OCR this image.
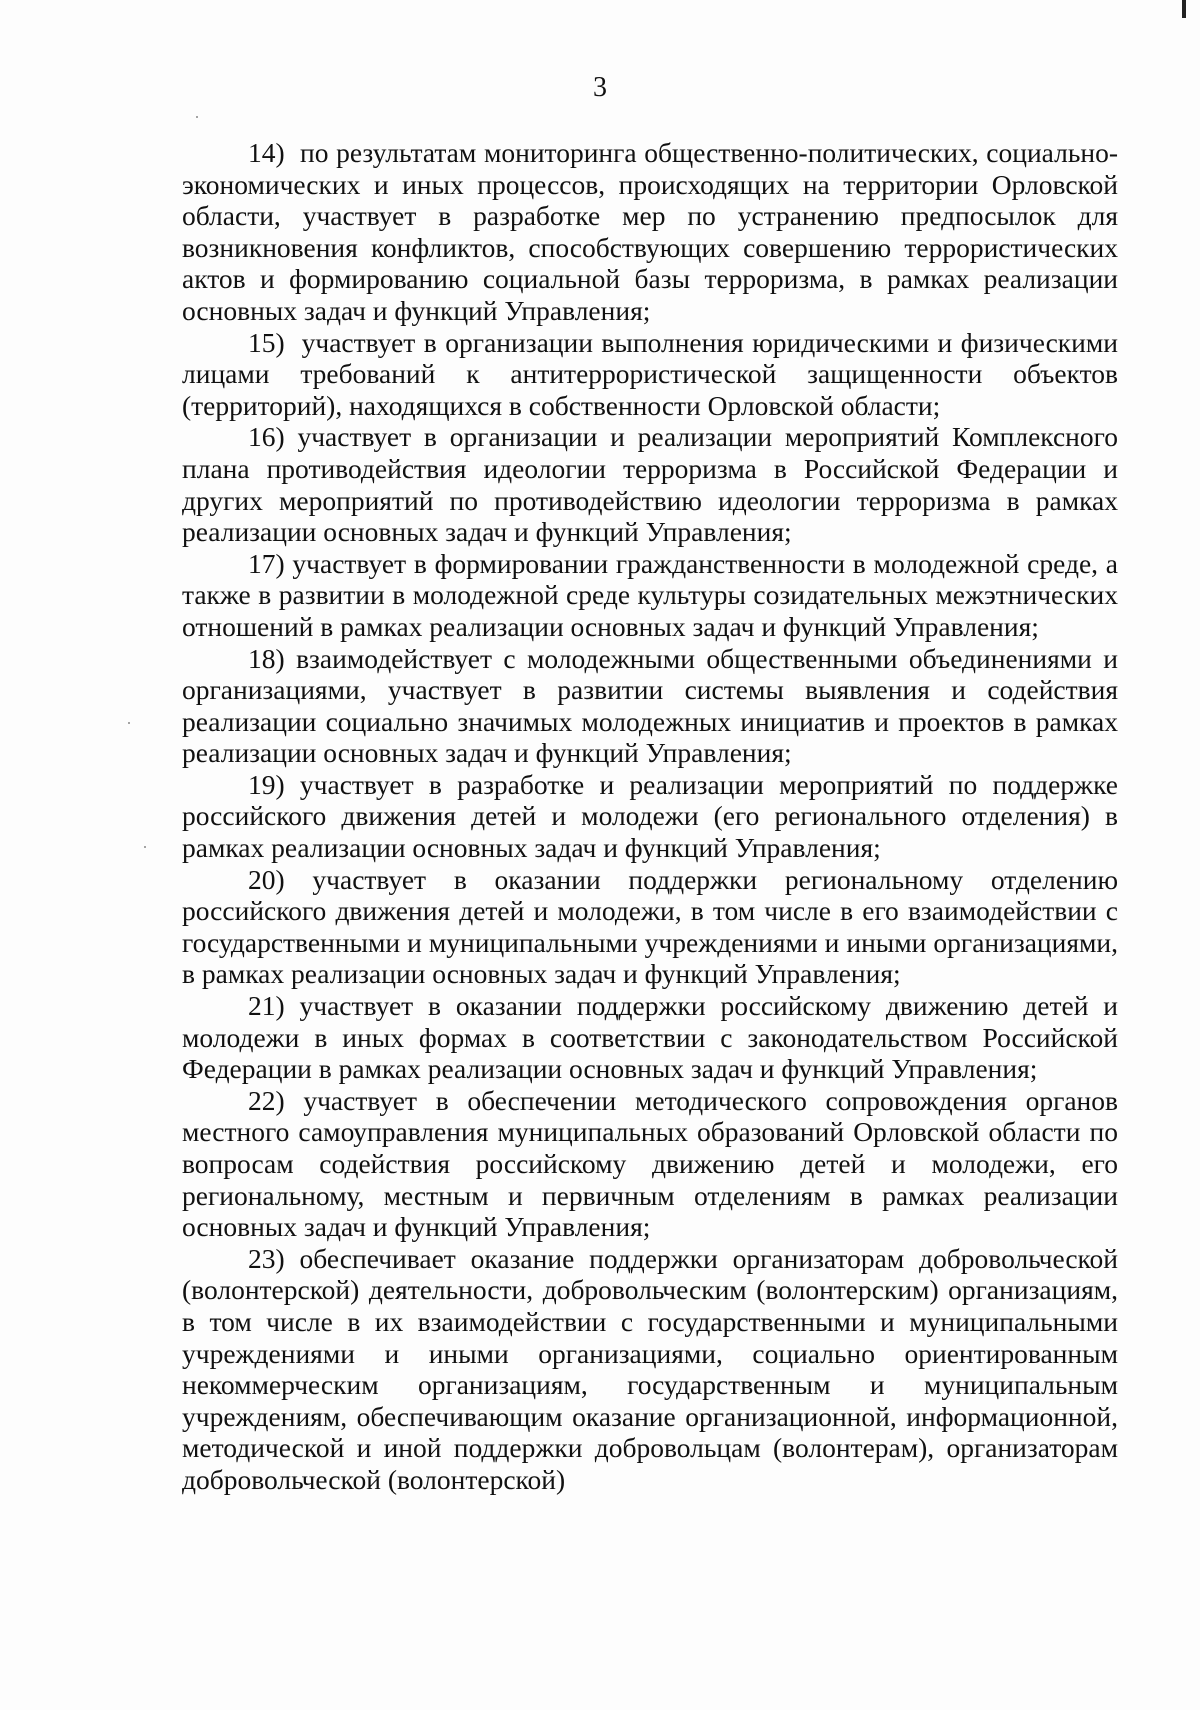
3

14)  по результатам мониторинга общественно-политических, социально-экономических и иных процессов, происходящих на территории Орловской области, участвует в разработке мер по устранению предпосылок для возникновения конфликтов, способствующих совершению террористических актов и формированию социальной базы терроризма, в рамках реализации основных задач и функций Управления;

15)  участвует в организации выполнения юридическими и физическими лицами требований к антитеррористической защищенности объектов (территорий), находящихся в собственности Орловской области;

16) участвует в организации и реализации мероприятий Комплексного плана противодействия идеологии терроризма в Российской Федерации и других мероприятий по противодействию идеологии терроризма в рамках реализации основных задач и функций Управления;

17) участвует в формировании гражданственности в молодежной среде, а также в развитии в молодежной среде культуры созидательных межэтнических отношений в рамках реализации основных задач и функций Управления;

18) взаимодействует с молодежными общественными объединениями и организациями, участвует в развитии системы выявления и содействия реализации социально значимых молодежных инициатив и проектов в рамках реализации основных задач и функций Управления;

19) участвует в разработке и реализации мероприятий по поддержке российского движения детей и молодежи (его регионального отделения) в рамках реализации основных задач и функций Управления;

20) участвует в оказании поддержки региональному отделению российского движения детей и молодежи, в том числе в его взаимодействии с государственными и муниципальными учреждениями и иными организациями, в рамках реализации основных задач и функций Управления;

21) участвует в оказании поддержки российскому движению детей и молодежи в иных формах в соответствии с законодательством Российской Федерации в рамках реализации основных задач и функций Управления;

22) участвует в обеспечении методического сопровождения органов местного самоуправления муниципальных образований Орловской области по вопросам содействия российскому движению детей и молодежи, его региональному, местным и первичным отделениям в рамках реализации основных задач и функций Управления;

23) обеспечивает оказание поддержки организаторам добровольческой (волонтерской) деятельности, добровольческим (волонтерским) организациям, в том числе в их взаимодействии с государственными и муниципальными учреждениями и иными организациями, социально ориентированным некоммерческим организациям, государственным и муниципальным учреждениям, обеспечивающим оказание организационной, информационной, методической и иной поддержки добровольцам (волонтерам), организаторам добровольческой (волонтерской)
